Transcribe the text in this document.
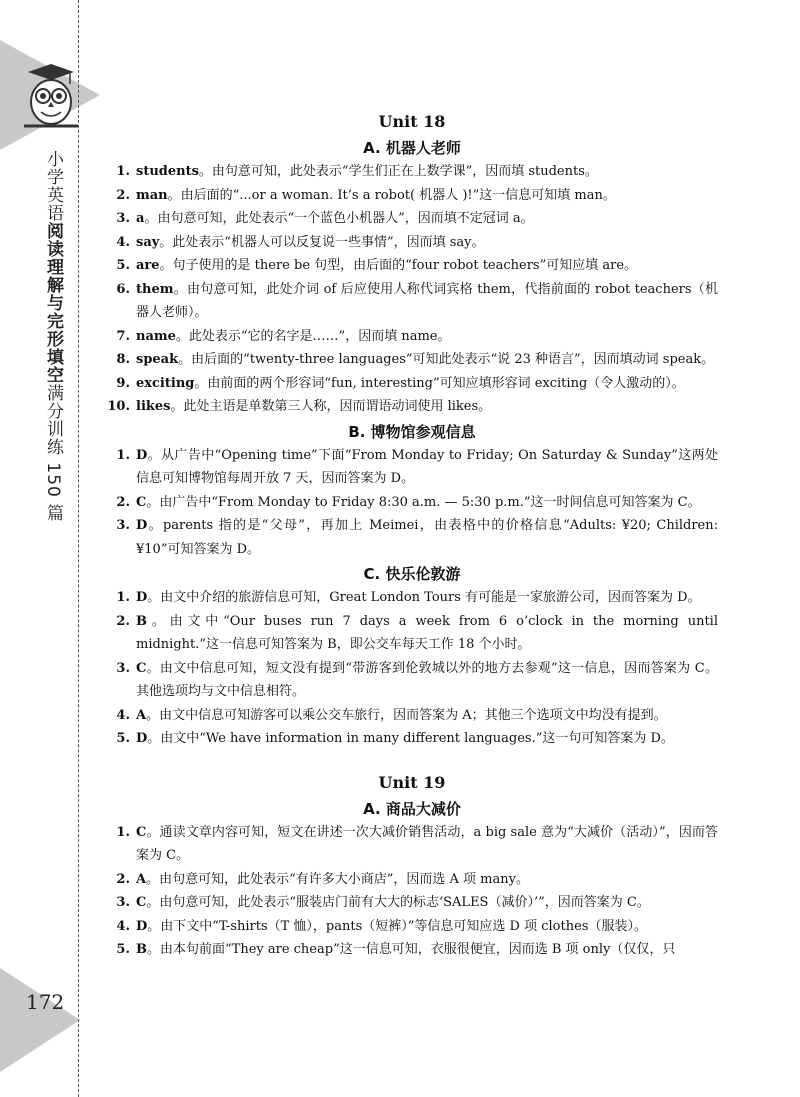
小学英语阅读理解与完形填空满分训练 150 篇
172
Unit 18
A. 机器人老师
1. students。由句意可知，此处表示“学生们正在上数学课”，因而填 students。
2. man。由后面的“...or a woman. It’s a robot( 机器人 )!”这一信息可知填 man。
3. a。由句意可知，此处表示“一个蓝色小机器人”，因而填不定冠词 a。
4. say。此处表示“机器人可以反复说一些事情”，因而填 say。
5. are。句子使用的是 there be 句型，由后面的“four robot teachers”可知应填 are。
6. them。由句意可知，此处介词 of 后应使用人称代词宾格 them，代指前面的 robot teachers（机器人老师）。
7. name。此处表示“它的名字是……”，因而填 name。
8. speak。由后面的“twenty-three languages”可知此处表示“说 23 种语言”，因而填动词 speak。
9. exciting。由前面的两个形容词“fun, interesting”可知应填形容词 exciting（令人激动的）。
10. likes。此处主语是单数第三人称，因而谓语动词使用 likes。
B. 博物馆参观信息
1. D。从广告中“Opening time”下面“From Monday to Friday; On Saturday & Sunday”这两处信息可知博物馆每周开放 7 天，因而答案为 D。
2. C。由广告中“From Monday to Friday 8:30 a.m. — 5:30 p.m.”这一时间信息可知答案为 C。
3. D。parents 指的是“父母”，再加上 Meimei，由表格中的价格信息“Adults: ¥20; Children: ¥10”可知答案为 D。
C. 快乐伦敦游
1. D。由文中介绍的旅游信息可知，Great London Tours 有可能是一家旅游公司，因而答案为 D。
2. B。由文中“Our buses run 7 days a week from 6 o’clock in the morning until midnight.”这一信息可知答案为 B，即公交车每天工作 18 个小时。
3. C。由文中信息可知，短文没有提到“带游客到伦敦城以外的地方去参观”这一信息，因而答案为 C。其他选项均与文中信息相符。
4. A。由文中信息可知游客可以乘公交车旅行，因而答案为 A；其他三个选项文中均没有提到。
5. D。由文中“We have information in many different languages.”这一句可知答案为 D。
Unit 19
A. 商品大减价
1. C。通读文章内容可知，短文在讲述一次大减价销售活动，a big sale 意为“大减价（活动）”，因而答案为 C。
2. A。由句意可知，此处表示“有许多大小商店”，因而选 A 项 many。
3. C。由句意可知，此处表示“服装店门前有大大的标志‘SALES（减价）’”，因而答案为 C。
4. D。由下文中“T-shirts（T 恤），pants（短裤）”等信息可知应选 D 项 clothes（服装）。
5. B。由本句前面“They are cheap”这一信息可知，衣服很便宜，因而选 B 项 only（仅仅，只
